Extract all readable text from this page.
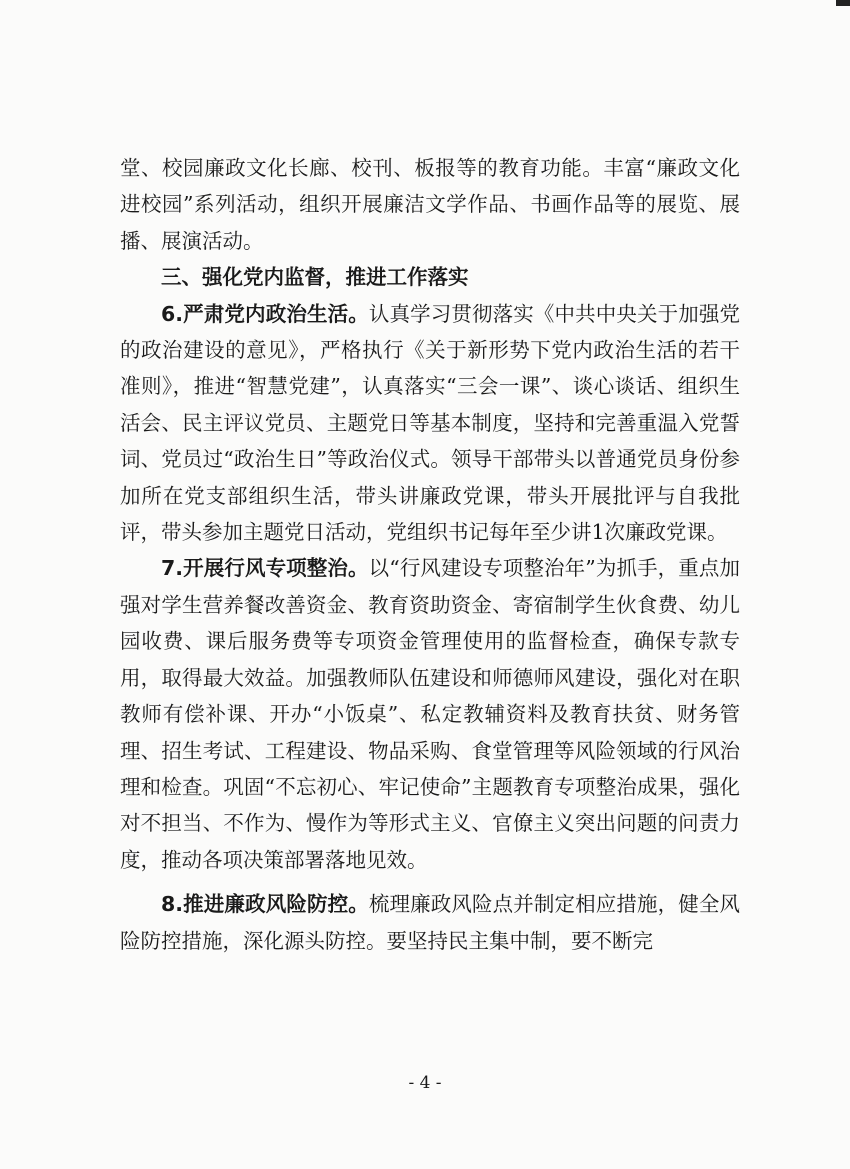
堂、校园廉政文化长廊、校刊、板报等的教育功能。丰富“廉政文化进校园”系列活动，组织开展廉洁文学作品、书画作品等的展览、展播、展演活动。

三、强化党内监督，推进工作落实

6.严肃党内政治生活。认真学习贯彻落实《中共中央关于加强党的政治建设的意见》，严格执行《关于新形势下党内政治生活的若干准则》，推进“智慧党建”，认真落实“三会一课”、谈心谈话、组织生活会、民主评议党员、主题党日等基本制度，坚持和完善重温入党誓词、党员过“政治生日”等政治仪式。领导干部带头以普通党员身份参加所在党支部组织生活，带头讲廉政党课，带头开展批评与自我批评，带头参加主题党日活动，党组织书记每年至少讲1次廉政党课。

7.开展行风专项整治。以“行风建设专项整治年”为抓手，重点加强对学生营养餐改善资金、教育资助资金、寄宿制学生伙食费、幼儿园收费、课后服务费等专项资金管理使用的监督检查，确保专款专用，取得最大效益。加强教师队伍建设和师德师风建设，强化对在职教师有偿补课、开办“小饭桌”、私定教辅资料及教育扶贫、财务管理、招生考试、工程建设、物品采购、食堂管理等风险领域的行风治理和检查。巩固“不忘初心、牢记使命”主题教育专项整治成果，强化对不担当、不作为、慢作为等形式主义、官僚主义突出问题的问责力度，推动各项决策部署落地见效。

8.推进廉政风险防控。梳理廉政风险点并制定相应措施，健全风险防控措施，深化源头防控。要坚持民主集中制，要不断完

- 4 -
